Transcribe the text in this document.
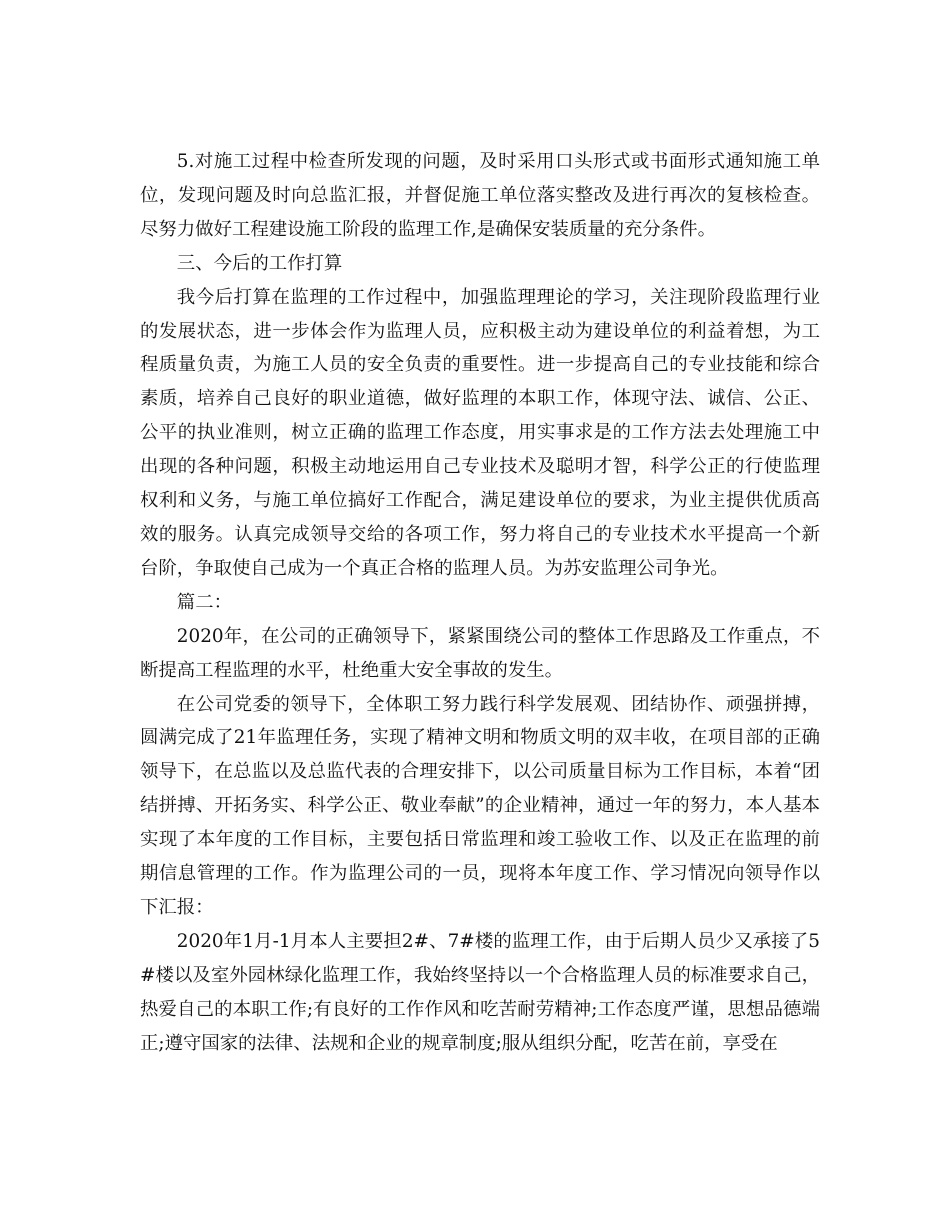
5.对施工过程中检查所发现的问题，及时采用口头形式或书面形式通知施工单位，发现问题及时向总监汇报，并督促施工单位落实整改及进行再次的复核检查。尽努力做好工程建设施工阶段的监理工作,是确保安装质量的充分条件。

三、今后的工作打算

我今后打算在监理的工作过程中，加强监理理论的学习，关注现阶段监理行业的发展状态，进一步体会作为监理人员，应积极主动为建设单位的利益着想，为工程质量负责，为施工人员的安全负责的重要性。进一步提高自己的专业技能和综合素质，培养自己良好的职业道德，做好监理的本职工作，体现守法、诚信、公正、公平的执业准则，树立正确的监理工作态度，用实事求是的工作方法去处理施工中出现的各种问题，积极主动地运用自己专业技术及聪明才智，科学公正的行使监理权利和义务，与施工单位搞好工作配合，满足建设单位的要求，为业主提供优质高效的服务。认真完成领导交给的各项工作，努力将自己的专业技术水平提高一个新台阶，争取使自己成为一个真正合格的监理人员。为苏安监理公司争光。

篇二：

2020年，在公司的正确领导下，紧紧围绕公司的整体工作思路及工作重点，不断提高工程监理的水平，杜绝重大安全事故的发生。

在公司党委的领导下，全体职工努力践行科学发展观、团结协作、顽强拼搏，圆满完成了21年监理任务，实现了精神文明和物质文明的双丰收，在项目部的正确领导下，在总监以及总监代表的合理安排下，以公司质量目标为工作目标，本着“团结拼搏、开拓务实、科学公正、敬业奉献”的企业精神，通过一年的努力，本人基本实现了本年度的工作目标，主要包括日常监理和竣工验收工作、以及正在监理的前期信息管理的工作。作为监理公司的一员，现将本年度工作、学习情况向领导作以下汇报：

2020年1月-1月本人主要担2#、7#楼的监理工作，由于后期人员少又承接了5#楼以及室外园林绿化监理工作，我始终坚持以一个合格监理人员的标准要求自己，热爱自己的本职工作;有良好的工作作风和吃苦耐劳精神;工作态度严谨，思想品德端正;遵守国家的法律、法规和企业的规章制度;服从组织分配，吃苦在前，享受在
